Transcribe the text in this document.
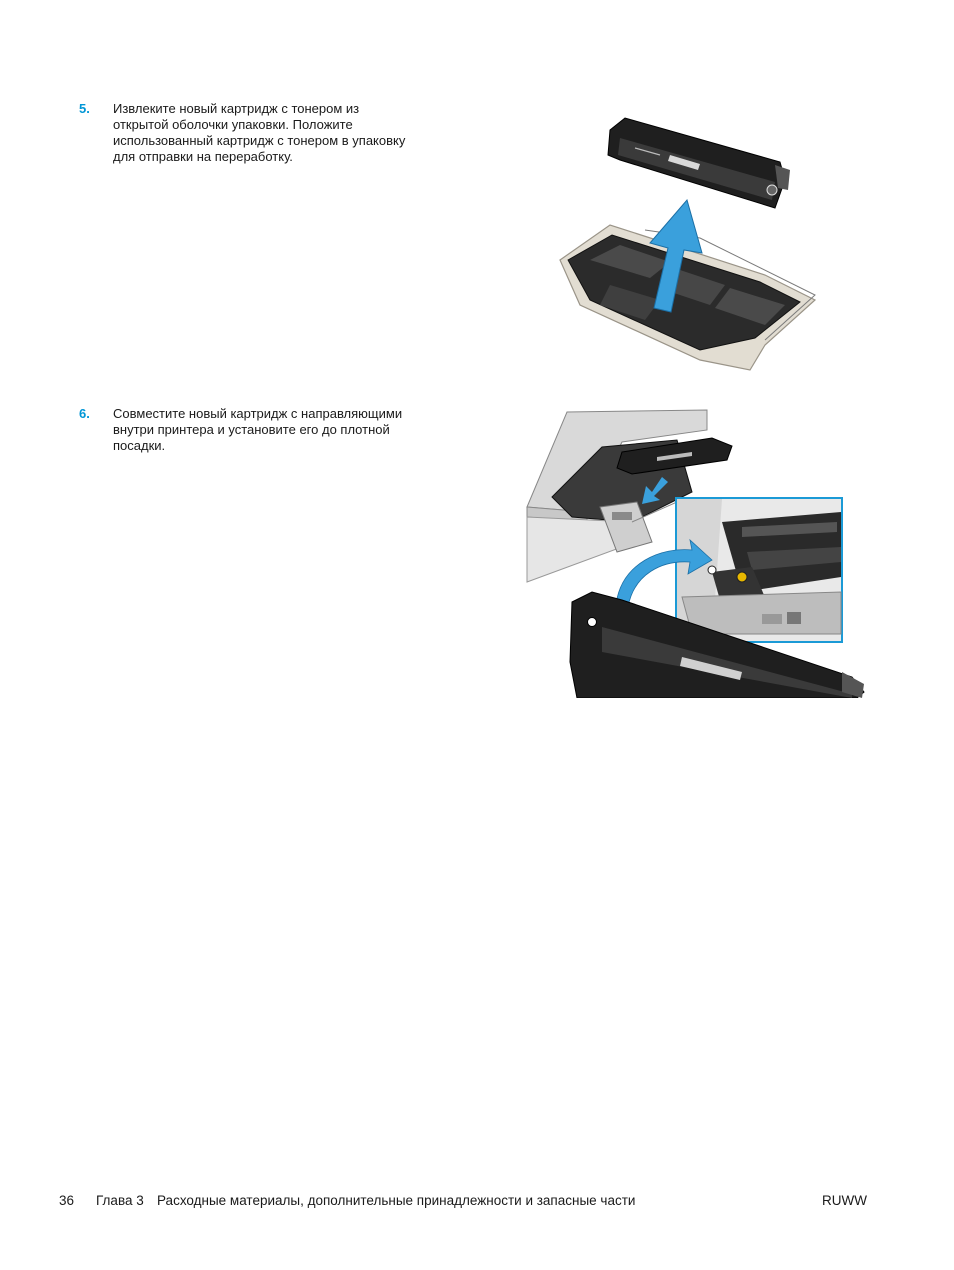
5. Извлеките новый картридж с тонером из открытой оболочки упаковки. Положите использованный картридж с тонером в упаковку для отправки на переработку.
6. Совместите новый картридж с направляющими внутри принтера и установите его до плотной посадки.
36 Глава 3 Расходные материалы, дополнительные принадлежности и запасные части	RUWW
